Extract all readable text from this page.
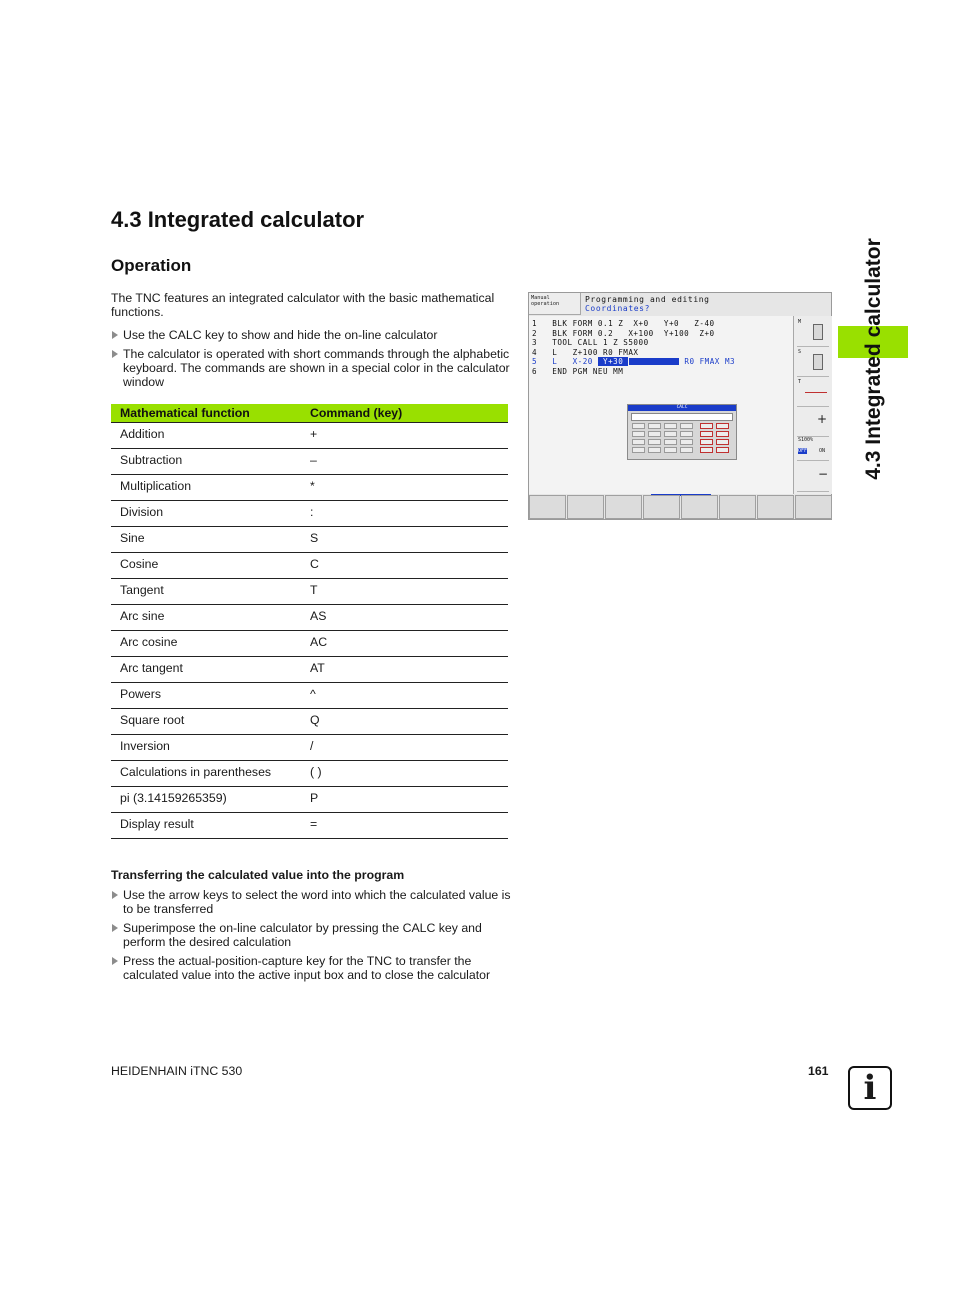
4.3 Integrated calculator
Operation

The TNC features an integrated calculator with the basic mathematical functions.

Use the CALC key to show and hide the on-line calculator
The calculator is operated with short commands through the alphabetic keyboard. The commands are shown in a special color in the calculator window
Mathematical function	Command (key)
Addition	+
Subtraction	–
Multiplication	*
Division	:
Sine	S
Cosine	C
Tangent	T
Arc sine	AS
Arc cosine	AC
Arc tangent	AT
Powers	^
Square root	Q
Inversion	/
Calculations in parentheses	( )
pi (3.14159265359)	P
Display result	=
Transferring the calculated value into the program
Use the arrow keys to select the word into which the calculated value is to be transferred
Superimpose the on-line calculator by pressing the CALC key and perform the desired calculation
Press the actual-position-capture key for the TNC to transfer the calculated value into the active input box and to close the calculator
4.3 Integrated calculator
Manual
operation	Programming and editing
Coordinates?
1   BLK FORM 0.1 Z  X+0   Y+0   Z-40
2   BLK FORM 0.2   X+100  Y+100  Z+0
3   TOOL CALL 1 Z S5000
4   L   Z+100 R0 FMAX
5   L   X-20  Y+30	R0 FMAX M3
6   END PGM NEU MM
CALC
M
S
T
+
S100%
OFF ON
−
HEIDENHAIN iTNC 530	161	i
